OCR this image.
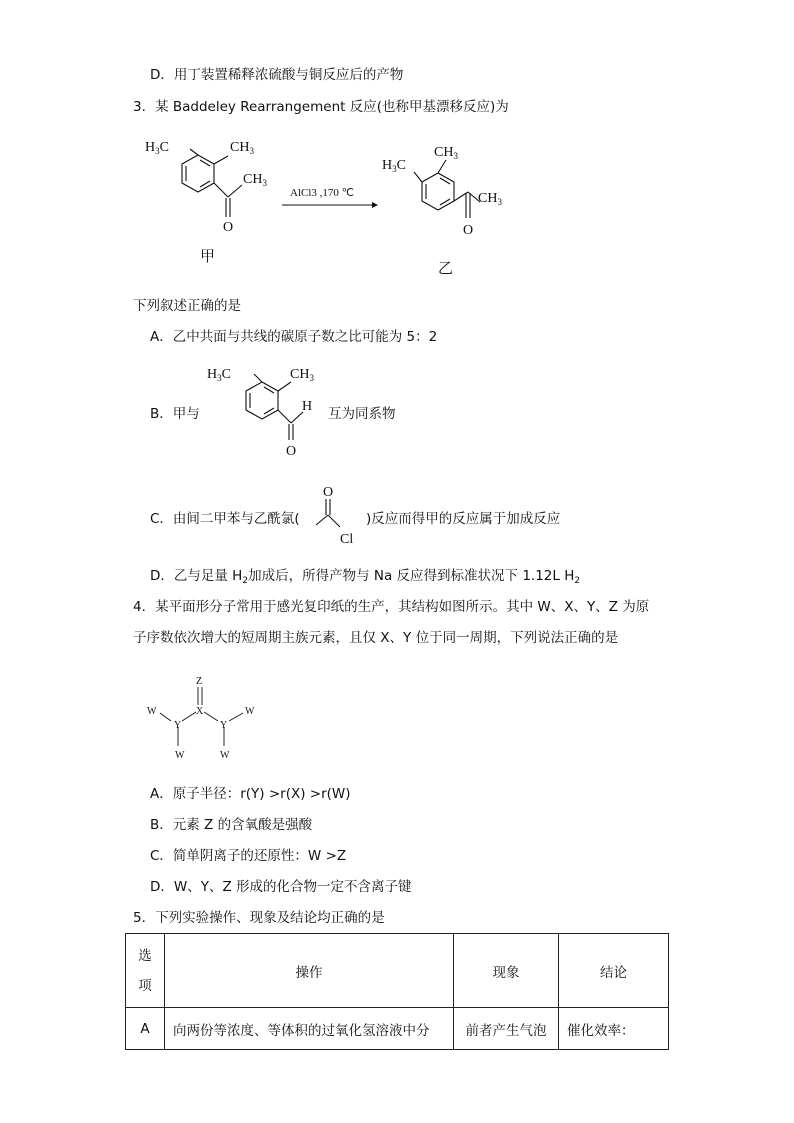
D．用丁装置稀释浓硫酸与铜反应后的产物
3．某 Baddeley Rearrangement 反应(也称甲基漂移反应)为
$H_3C$	$CH_3$
$CH_3$
O
甲
AlCl3 ,170 ℃
$H_3C$
$CH_3$
$CH_3$
O
乙
下列叙述正确的是
A．乙中共面与共线的碳原子数之比可能为 5：2
B．甲与
$H_3C$	$CH_3$
H
O
互为同系物
C．由间二甲苯与乙酰氯(
O
Cl
)反应而得甲的反应属于加成反应
D．乙与足量 $H_2$加成后，所得产物与 Na 反应得到标准状况下 1.12L $H_2$
4．某平面形分子常用于感光复印纸的生产，其结构如图所示。其中 W、X、Y、Z 为原
子序数依次增大的短周期主族元素，且仅 X、Y 位于同一周期，下列说法正确的是
Z
X
W
Y
W
Y
W
W
A．原子半径：r(Y) >r(X) >r(W)
B．元素 Z 的含氧酸是强酸
C．简单阴离子的还原性：W >Z
D．W、Y、Z 形成的化合物一定不含离子键
5．下列实验操作、现象及结论均正确的是
选
项	操作	现象	结论
A	向两份等浓度、等体积的过氧化氢溶液中分	前者产生气泡	催化效率：
